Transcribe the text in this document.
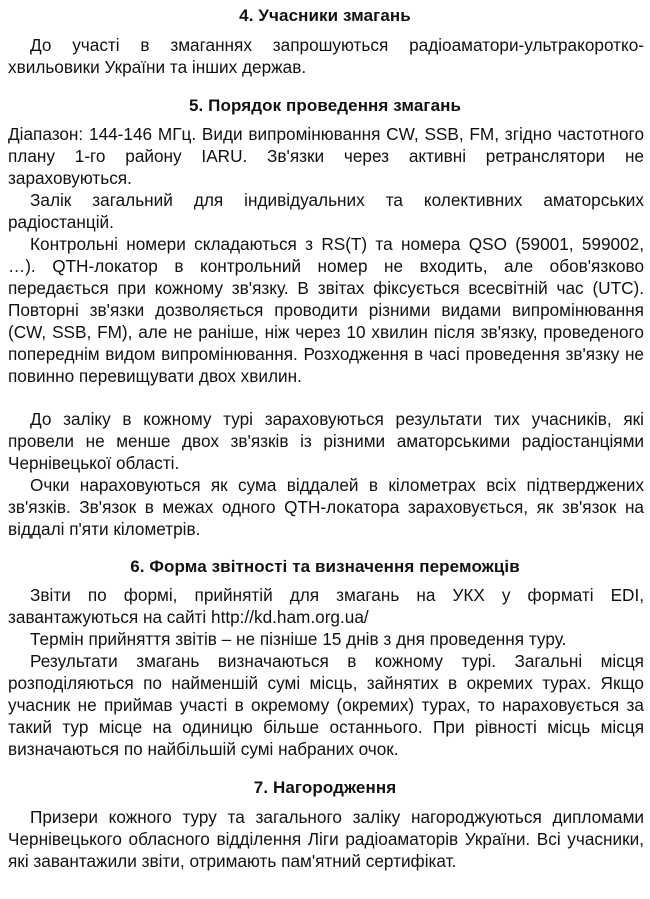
4. Учасники змагань

До участі в змаганнях запрошуються радіоаматори-ультракоротко-хвильовики України та інших держав.

5. Порядок проведення змагань

Діапазон: 144-146 МГц. Види випромінювання CW, SSB, FM, згідно частотного плану 1-го району IARU. Зв'язки через активні ретранслятори не зараховуються.

Залік загальний для індивідуальних та колективних аматорських радіостанцій.

Контрольні номери складаються з RS(T) та номера QSO (59001, 599002, …). QTH-локатор в контрольний номер не входить, але обов'язково передається при кожному зв'язку. В звітах фіксується всесвітній час (UTC). Повторні зв'язки дозволяється проводити різними видами випромінювання (CW, SSB, FM), але не раніше, ніж через 10 хвилин після зв'язку, проведеного попереднім видом випромінювання. Розходження в часі проведення зв'язку не повинно перевищувати двох хвилин.

До заліку в кожному турі зараховуються результати тих учасників, які провели не менше двох зв'язків із різними аматорськими радіостанціями Чернівецької області.

Очки нараховуються як сума віддалей в кілометрах всіх підтверджених зв'язків. Зв'язок в межах одного QTH-локатора зараховується, як зв'язок на віддалі п'яти кілометрів.

6. Форма звітності та визначення переможців

Звіти по формі, прийнятій для змагань на УКХ у форматі EDI, завантажуються на сайті http://kd.ham.org.ua/

Термін прийняття звітів – не пізніше 15 днів з дня проведення туру.

Результати змагань визначаються в кожному турі. Загальні місця розподіляються по найменшій сумі місць, зайнятих в окремих турах. Якщо учасник не приймав участі в окремому (окремих) турах, то нараховується за такий тур місце на одиницю більше останнього. При рівності місць місця визначаються по найбільшій сумі набраних очок.

7. Нагородження

Призери кожного туру та загального заліку нагороджуються дипломами Чернівецького обласного відділення Ліги радіоаматорів України. Всі учасники, які завантажили звіти, отримають пам'ятний сертифікат.
